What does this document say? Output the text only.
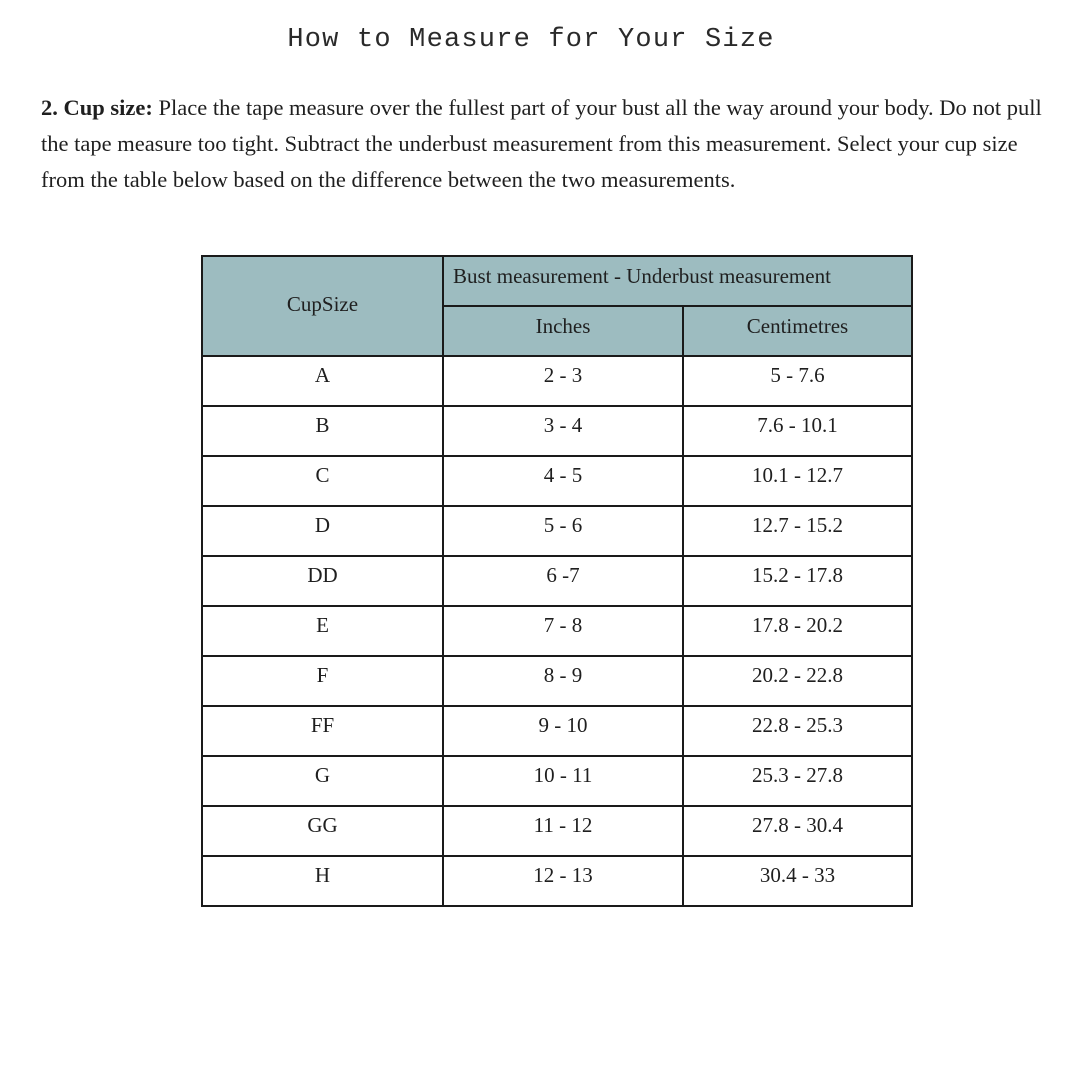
How to Measure for Your Size

2. Cup size: Place the tape measure over the fullest part of your bust all the way around your body. Do not pull the tape measure too tight. Subtract the underbust measurement from this measurement. Select your cup size from the table below based on the difference between the two measurements.

CupSize	Bust measurement - Underbust measurement	
	Inches	Centimetres
A	2 - 3	5 - 7.6
B	3 - 4	7.6 - 10.1
C	4 - 5	10.1 - 12.7
D	5 - 6	12.7 - 15.2
DD	6 -7	15.2 - 17.8
E	7 - 8	17.8 - 20.2
F	8 - 9	20.2 - 22.8
FF	9 - 10	22.8 - 25.3
G	10 - 11	25.3 - 27.8
GG	11 - 12	27.8 - 30.4
H	12 - 13	30.4 - 33
